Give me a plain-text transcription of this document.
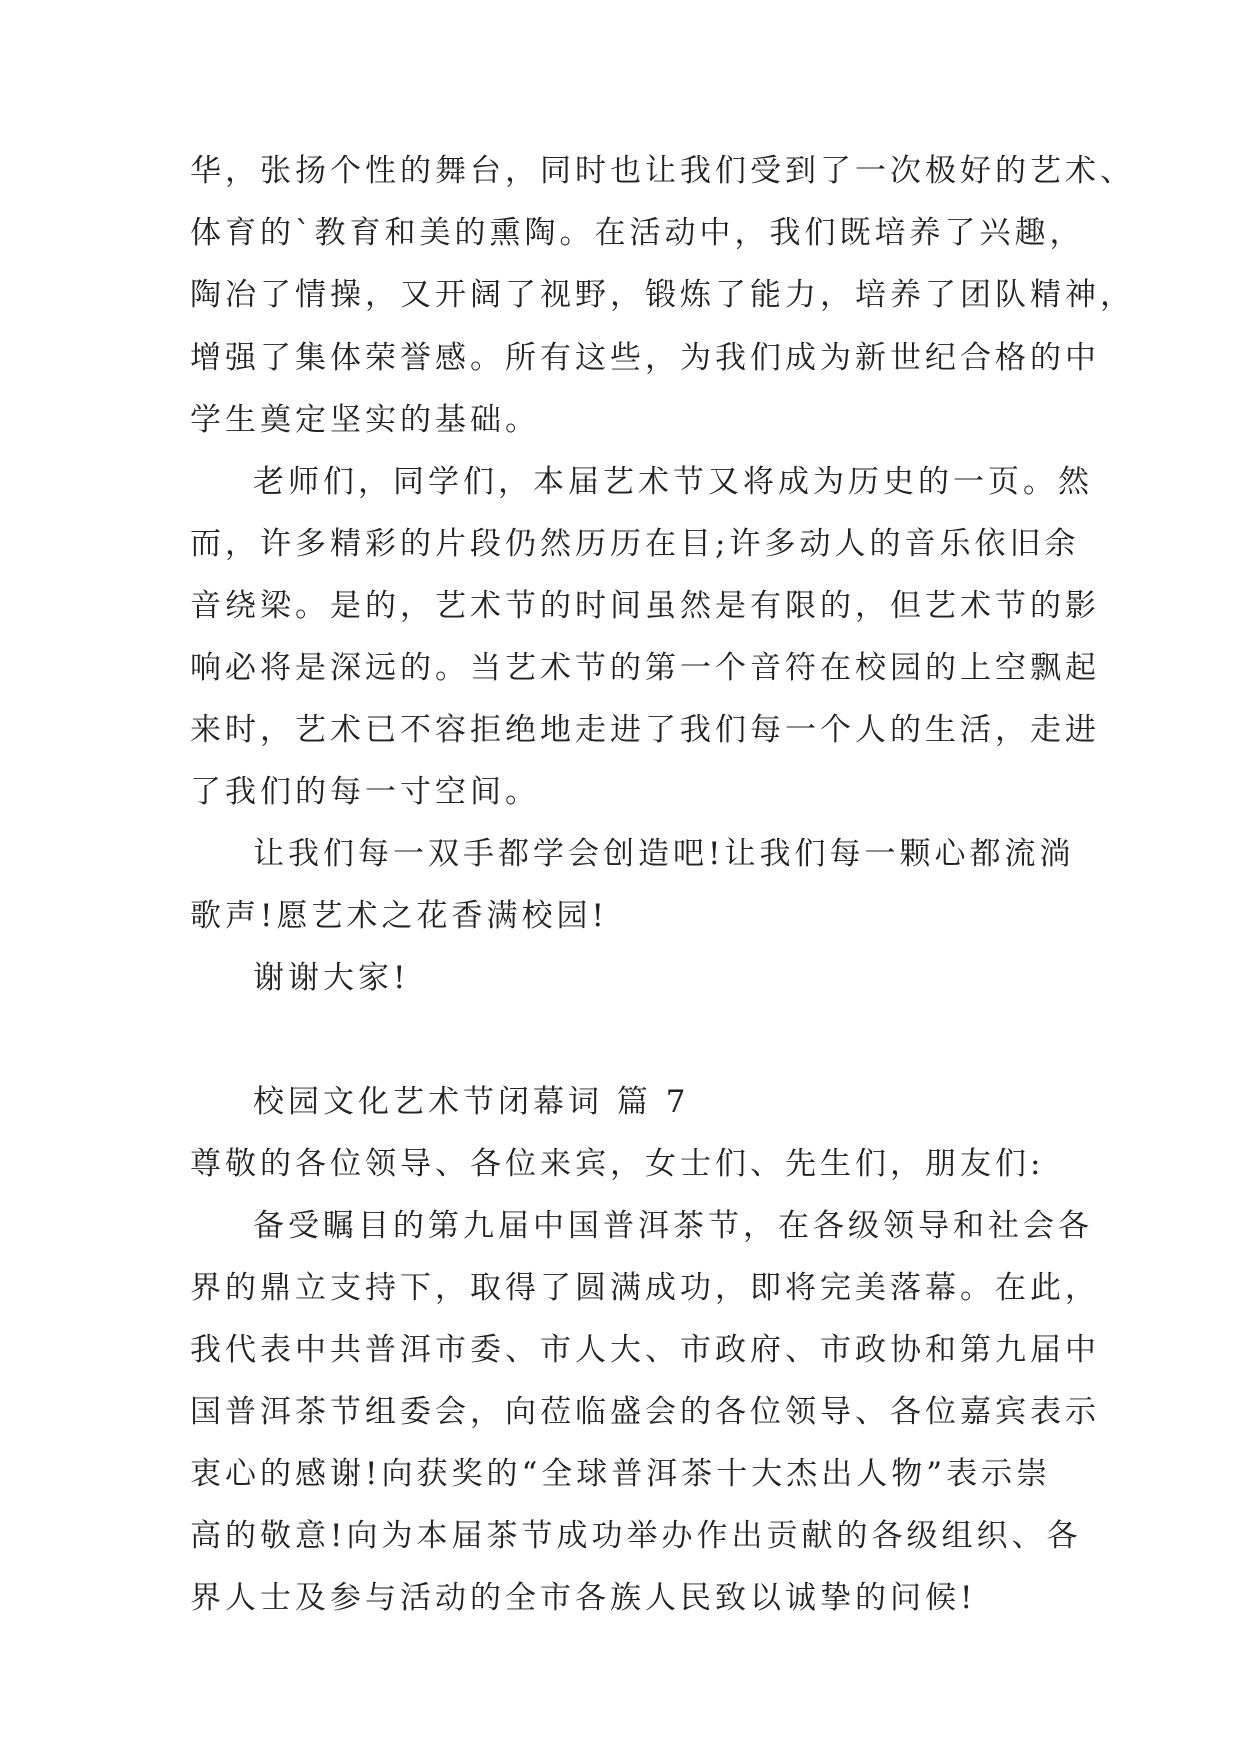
华，张扬个性的舞台，同时也让我们受到了一次极好的艺术、
体育的`教育和美的熏陶。在活动中，我们既培养了兴趣，
陶冶了情操，又开阔了视野，锻炼了能力，培养了团队精神，
增强了集体荣誉感。所有这些，为我们成为新世纪合格的中
学生奠定坚实的基础。
老师们，同学们，本届艺术节又将成为历史的一页。然
而，许多精彩的片段仍然历历在目;许多动人的音乐依旧余
音绕梁。是的，艺术节的时间虽然是有限的，但艺术节的影
响必将是深远的。当艺术节的第一个音符在校园的上空飘起
来时，艺术已不容拒绝地走进了我们每一个人的生活，走进
了我们的每一寸空间。
让我们每一双手都学会创造吧!让我们每一颗心都流淌
歌声!愿艺术之花香满校园!
谢谢大家!
校园文化艺术节闭幕词 篇 7
尊敬的各位领导、各位来宾，女士们、先生们，朋友们:
备受瞩目的第九届中国普洱茶节，在各级领导和社会各
界的鼎立支持下，取得了圆满成功，即将完美落幕。在此，
我代表中共普洱市委、市人大、市政府、市政协和第九届中
国普洱茶节组委会，向莅临盛会的各位领导、各位嘉宾表示
衷心的感谢!向获奖的“全球普洱茶十大杰出人物”表示崇
高的敬意!向为本届茶节成功举办作出贡献的各级组织、各
界人士及参与活动的全市各族人民致以诚挚的问候!
